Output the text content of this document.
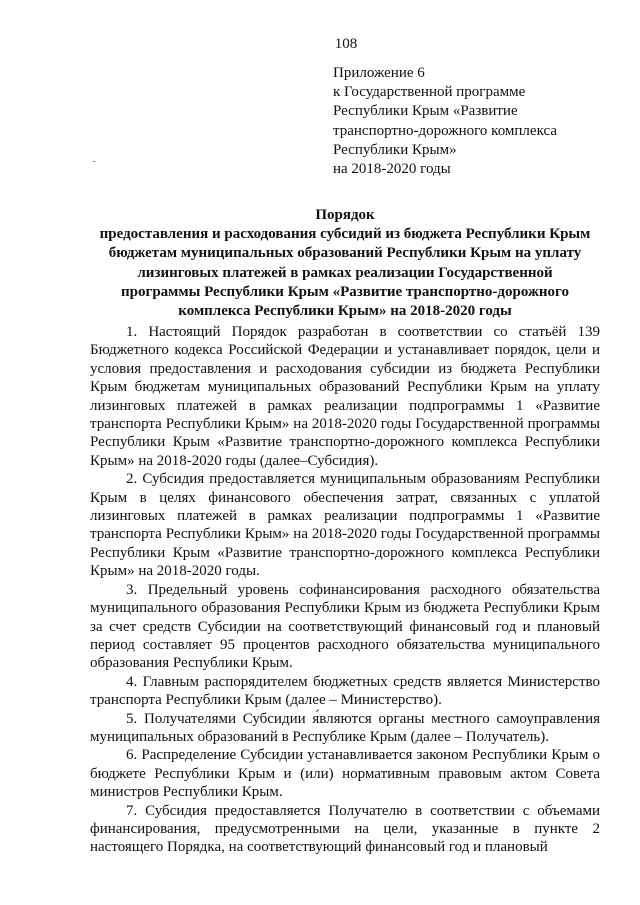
108
Приложение 6
к Государственной программе
Республики Крым «Развитие
транспортно-дорожного комплекса
Республики Крым»
на 2018-2020 годы
Порядок
предоставления и расходования субсидий из бюджета Республики Крым
бюджетам муниципальных образований Республики Крым на уплату
лизинговых платежей в рамках реализации Государственной
программы Республики Крым «Развитие транспортно-дорожного
комплекса Республики Крым» на 2018-2020 годы

1. Настоящий Порядок разработан в соответствии со статьёй 139 Бюджетного кодекса Российской Федерации и устанавливает порядок, цели и условия предоставления и расходования субсидии из бюджета Республики Крым бюджетам муниципальных образований Республики Крым на уплату лизинговых платежей в рамках реализации подпрограммы 1 «Развитие транспорта Республики Крым» на 2018-2020 годы Государственной программы Республики Крым «Развитие транспортно-дорожного комплекса Республики Крым» на 2018-2020 годы (далее–Субсидия).

2. Субсидия предоставляется муниципальным образованиям Республики Крым в целях финансового обеспечения затрат, связанных с уплатой лизинговых платежей в рамках реализации подпрограммы 1 «Развитие транспорта Республики Крым» на 2018-2020 годы Государственной программы Республики Крым «Развитие транспортно-дорожного комплекса Республики Крым» на 2018-2020 годы.

3. Предельный уровень софинансирования расходного обязательства муниципального образования Республики Крым из бюджета Республики Крым за счет средств Субсидии на соответствующий финансовый год и плановый период составляет 95 процентов расходного обязательства муниципального образования Республики Крым.

4. Главным распорядителем бюджетных средств является Министерство транспорта Республики Крым (далее – Министерство).

5. Получателями Субсидии я́вляются органы местного самоуправления муниципальных образований в Республике Крым (далее – Получатель).

6. Распределение Субсидии устанавливается законом Республики Крым о бюджете Республики Крым и (или) нормативным правовым актом Совета министров Республики Крым.

7. Субсидия предоставляется Получателю в соответствии с объемами финансирования, предусмотренными на цели, указанные в пункте 2 настоящего Порядка, на соответствующий финансовый год и плановый
